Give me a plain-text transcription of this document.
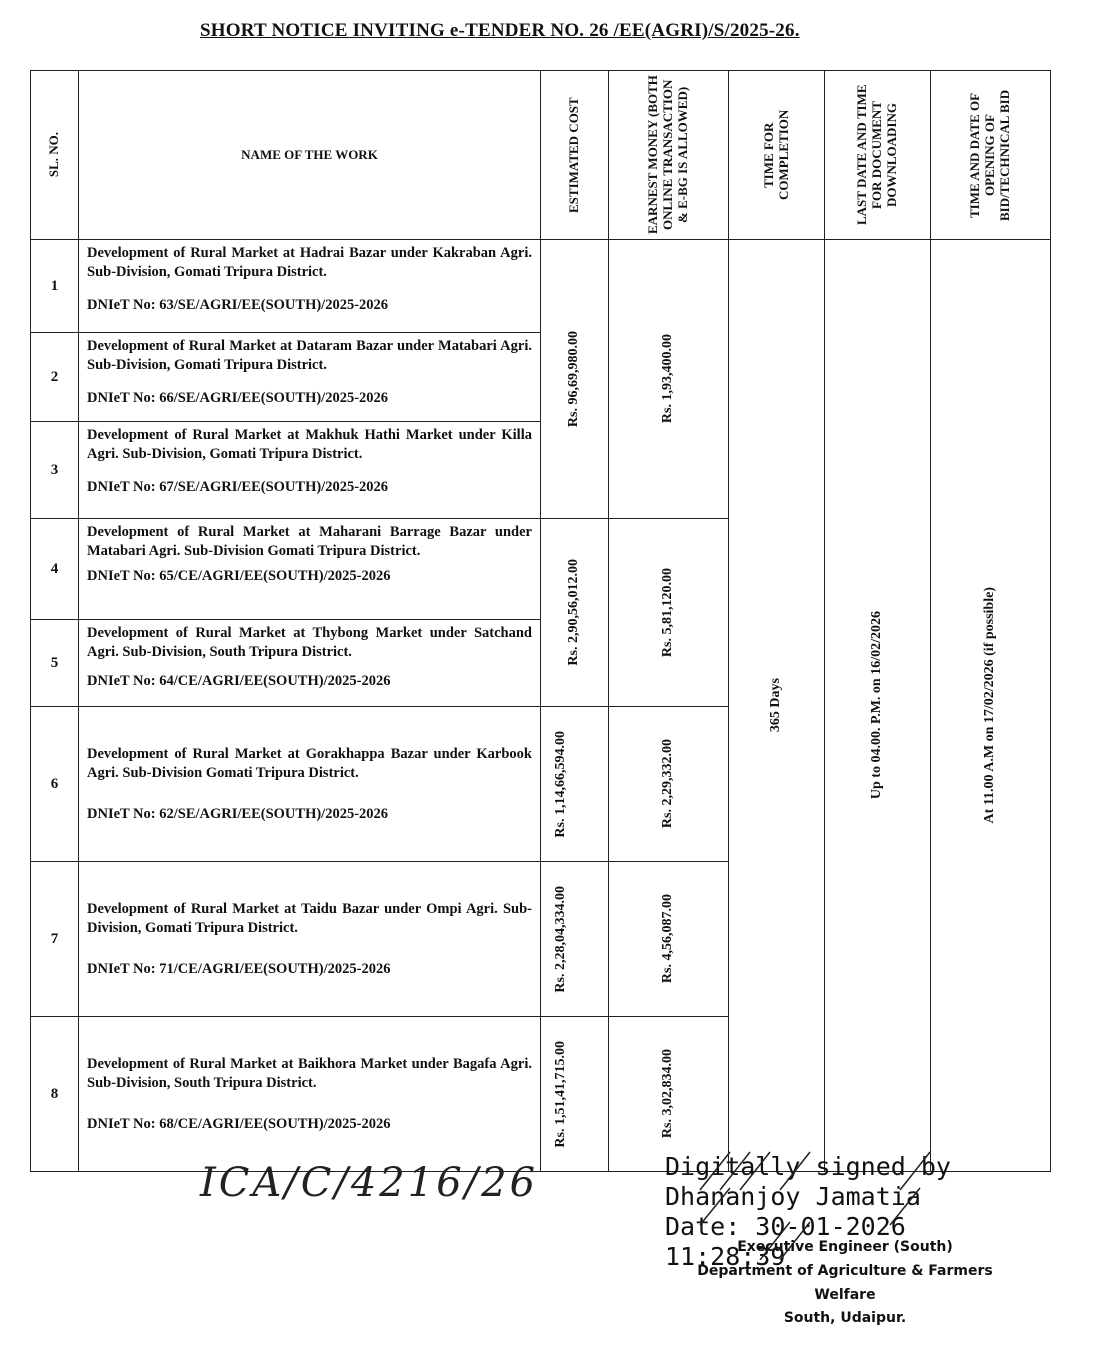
SHORT NOTICE INVITING e-TENDER NO. 26 /EE(AGRI)/S/2025-26.
SL. NO.	NAME OF THE WORK	ESTIMATED COST	EARNEST MONEY (BOTH ONLINE TRANSACTION & E-BG IS ALLOWED)	TIME FOR COMPLETION	LAST DATE AND TIME FOR DOCUMENT DOWNLOADING	TIME AND DATE OF OPENING OF BID/TECHNICAL BID

1	Development of Rural Market at Hadrai Bazar under Kakraban Agri. Sub-Division, Gomati Tripura District.
DNIeT No: 63/SE/AGRI/EE(SOUTH)/2025-2026	Rs. 96,69,980.00	Rs. 1,93,400.00	365 Days	Up to 04.00. P.M. on 16/02/2026	At 11.00 A.M on 17/02/2026 (if possible)

2	Development of Rural Market at Dataram Bazar under Matabari Agri. Sub-Division, Gomati Tripura District.
DNIeT No: 66/SE/AGRI/EE(SOUTH)/2025-2026					

3	Development of Rural Market at Makhuk Hathi Market under Killa Agri. Sub-Division, Gomati Tripura District.
DNIeT No: 67/SE/AGRI/EE(SOUTH)/2025-2026					

4	Development of Rural Market at Maharani Barrage Bazar under Matabari Agri. Sub-Division Gomati Tripura District.
DNIeT No: 65/CE/AGRI/EE(SOUTH)/2025-2026	Rs. 2,90,56,012.00	Rs. 5,81,120.00			

5	Development of Rural Market at Thybong Market under Satchand Agri. Sub-Division, South Tripura District.
DNIeT No: 64/CE/AGRI/EE(SOUTH)/2025-2026					

6	Development of Rural Market at Gorakhappa Bazar under Karbook Agri. Sub-Division Gomati Tripura District.
DNIeT No: 62/SE/AGRI/EE(SOUTH)/2025-2026	Rs. 1,14,66,594.00	Rs. 2,29,332.00			

7	Development of Rural Market at Taidu Bazar under Ompi Agri. Sub-Division, Gomati Tripura District.
DNIeT No: 71/CE/AGRI/EE(SOUTH)/2025-2026	Rs. 2,28,04,334.00	Rs. 4,56,087.00			

8	Development of Rural Market at Baikhora Market under Bagafa Agri. Sub-Division, South Tripura District.
DNIeT No: 68/CE/AGRI/EE(SOUTH)/2025-2026	Rs. 1,51,41,715.00	Rs. 3,02,834.00			
ICA/C/4216/26	Digitally signed by
Dhananjoy Jamatia
Date: 30-01-2026
11:28:39
Executive Engineer (South)
Department of Agriculture & Farmers
Welfare
South, Udaipur.
